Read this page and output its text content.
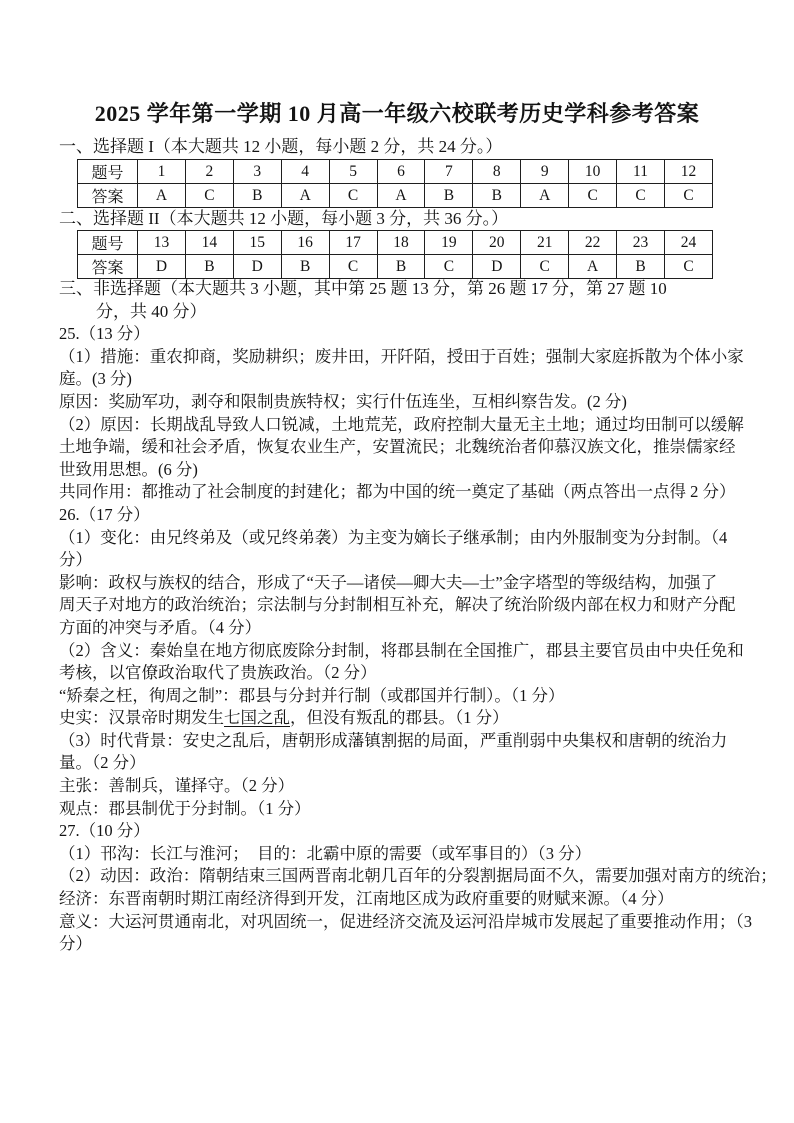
2025 学年第一学期 10 月高一年级六校联考历史学科参考答案
一、选择题 I（本大题共 12 小题，每小题 2 分，共 24 分。）
题号	1	2	3	4	5	6	7	8	9	10	11	12
答案	A	C	B	A	C	A	B	B	A	C	C	C
二、选择题 II（本大题共 12 小题，每小题 3 分，共 36 分。）
题号	13	14	15	16	17	18	19	20	21	22	23	24
答案	D	B	D	B	C	B	C	D	C	A	B	C
三、非选择题（本大题共 3 小题，其中第 25 题 13 分，第 26 题 17 分，第 27 题 10
分，共 40 分）
25.（13 分）
（1）措施：重农抑商，奖励耕织；废井田，开阡陌，授田于百姓；强制大家庭拆散为个体小家
庭。(3 分)
原因：奖励军功，剥夺和限制贵族特权；实行什伍连坐，互相纠察告发。(2 分)
（2）原因：长期战乱导致人口锐减，土地荒芜，政府控制大量无主土地；通过均田制可以缓解
土地争端，缓和社会矛盾，恢复农业生产，安置流民；北魏统治者仰慕汉族文化，推崇儒家经
世致用思想。(6 分)
共同作用：都推动了社会制度的封建化；都为中国的统一奠定了基础（两点答出一点得 2 分）
26.（17 分）
（1）变化：由兄终弟及（或兄终弟袭）为主变为嫡长子继承制；由内外服制变为分封制。（4
分）
影响：政权与族权的结合，形成了“天子—诸侯—卿大夫—士”金字塔型的等级结构，加强了
周天子对地方的政治统治；宗法制与分封制相互补充，解决了统治阶级内部在权力和财产分配
方面的冲突与矛盾。（4 分）
（2）含义：秦始皇在地方彻底废除分封制，将郡县制在全国推广，郡县主要官员由中央任免和
考核，以官僚政治取代了贵族政治。（2 分）
“矫秦之枉，徇周之制”：郡县与分封并行制（或郡国并行制）。（1 分）
史实：汉景帝时期发生七国之乱，但没有叛乱的郡县。（1 分）
（3）时代背景：安史之乱后，唐朝形成藩镇割据的局面，严重削弱中央集权和唐朝的统治力
量。（2 分）
主张：善制兵，谨择守。（2 分）
观点：郡县制优于分封制。（1 分）
27.（10 分）
（1）邗沟：长江与淮河；　目的：北霸中原的需要（或军事目的）（3 分）
（2）动因：政治：隋朝结束三国两晋南北朝几百年的分裂割据局面不久，需要加强对南方的统治；
经济：东晋南朝时期江南经济得到开发，江南地区成为政府重要的财赋来源。（4 分）
意义：大运河贯通南北，对巩固统一，促进经济交流及运河沿岸城市发展起了重要推动作用；（3
分）
